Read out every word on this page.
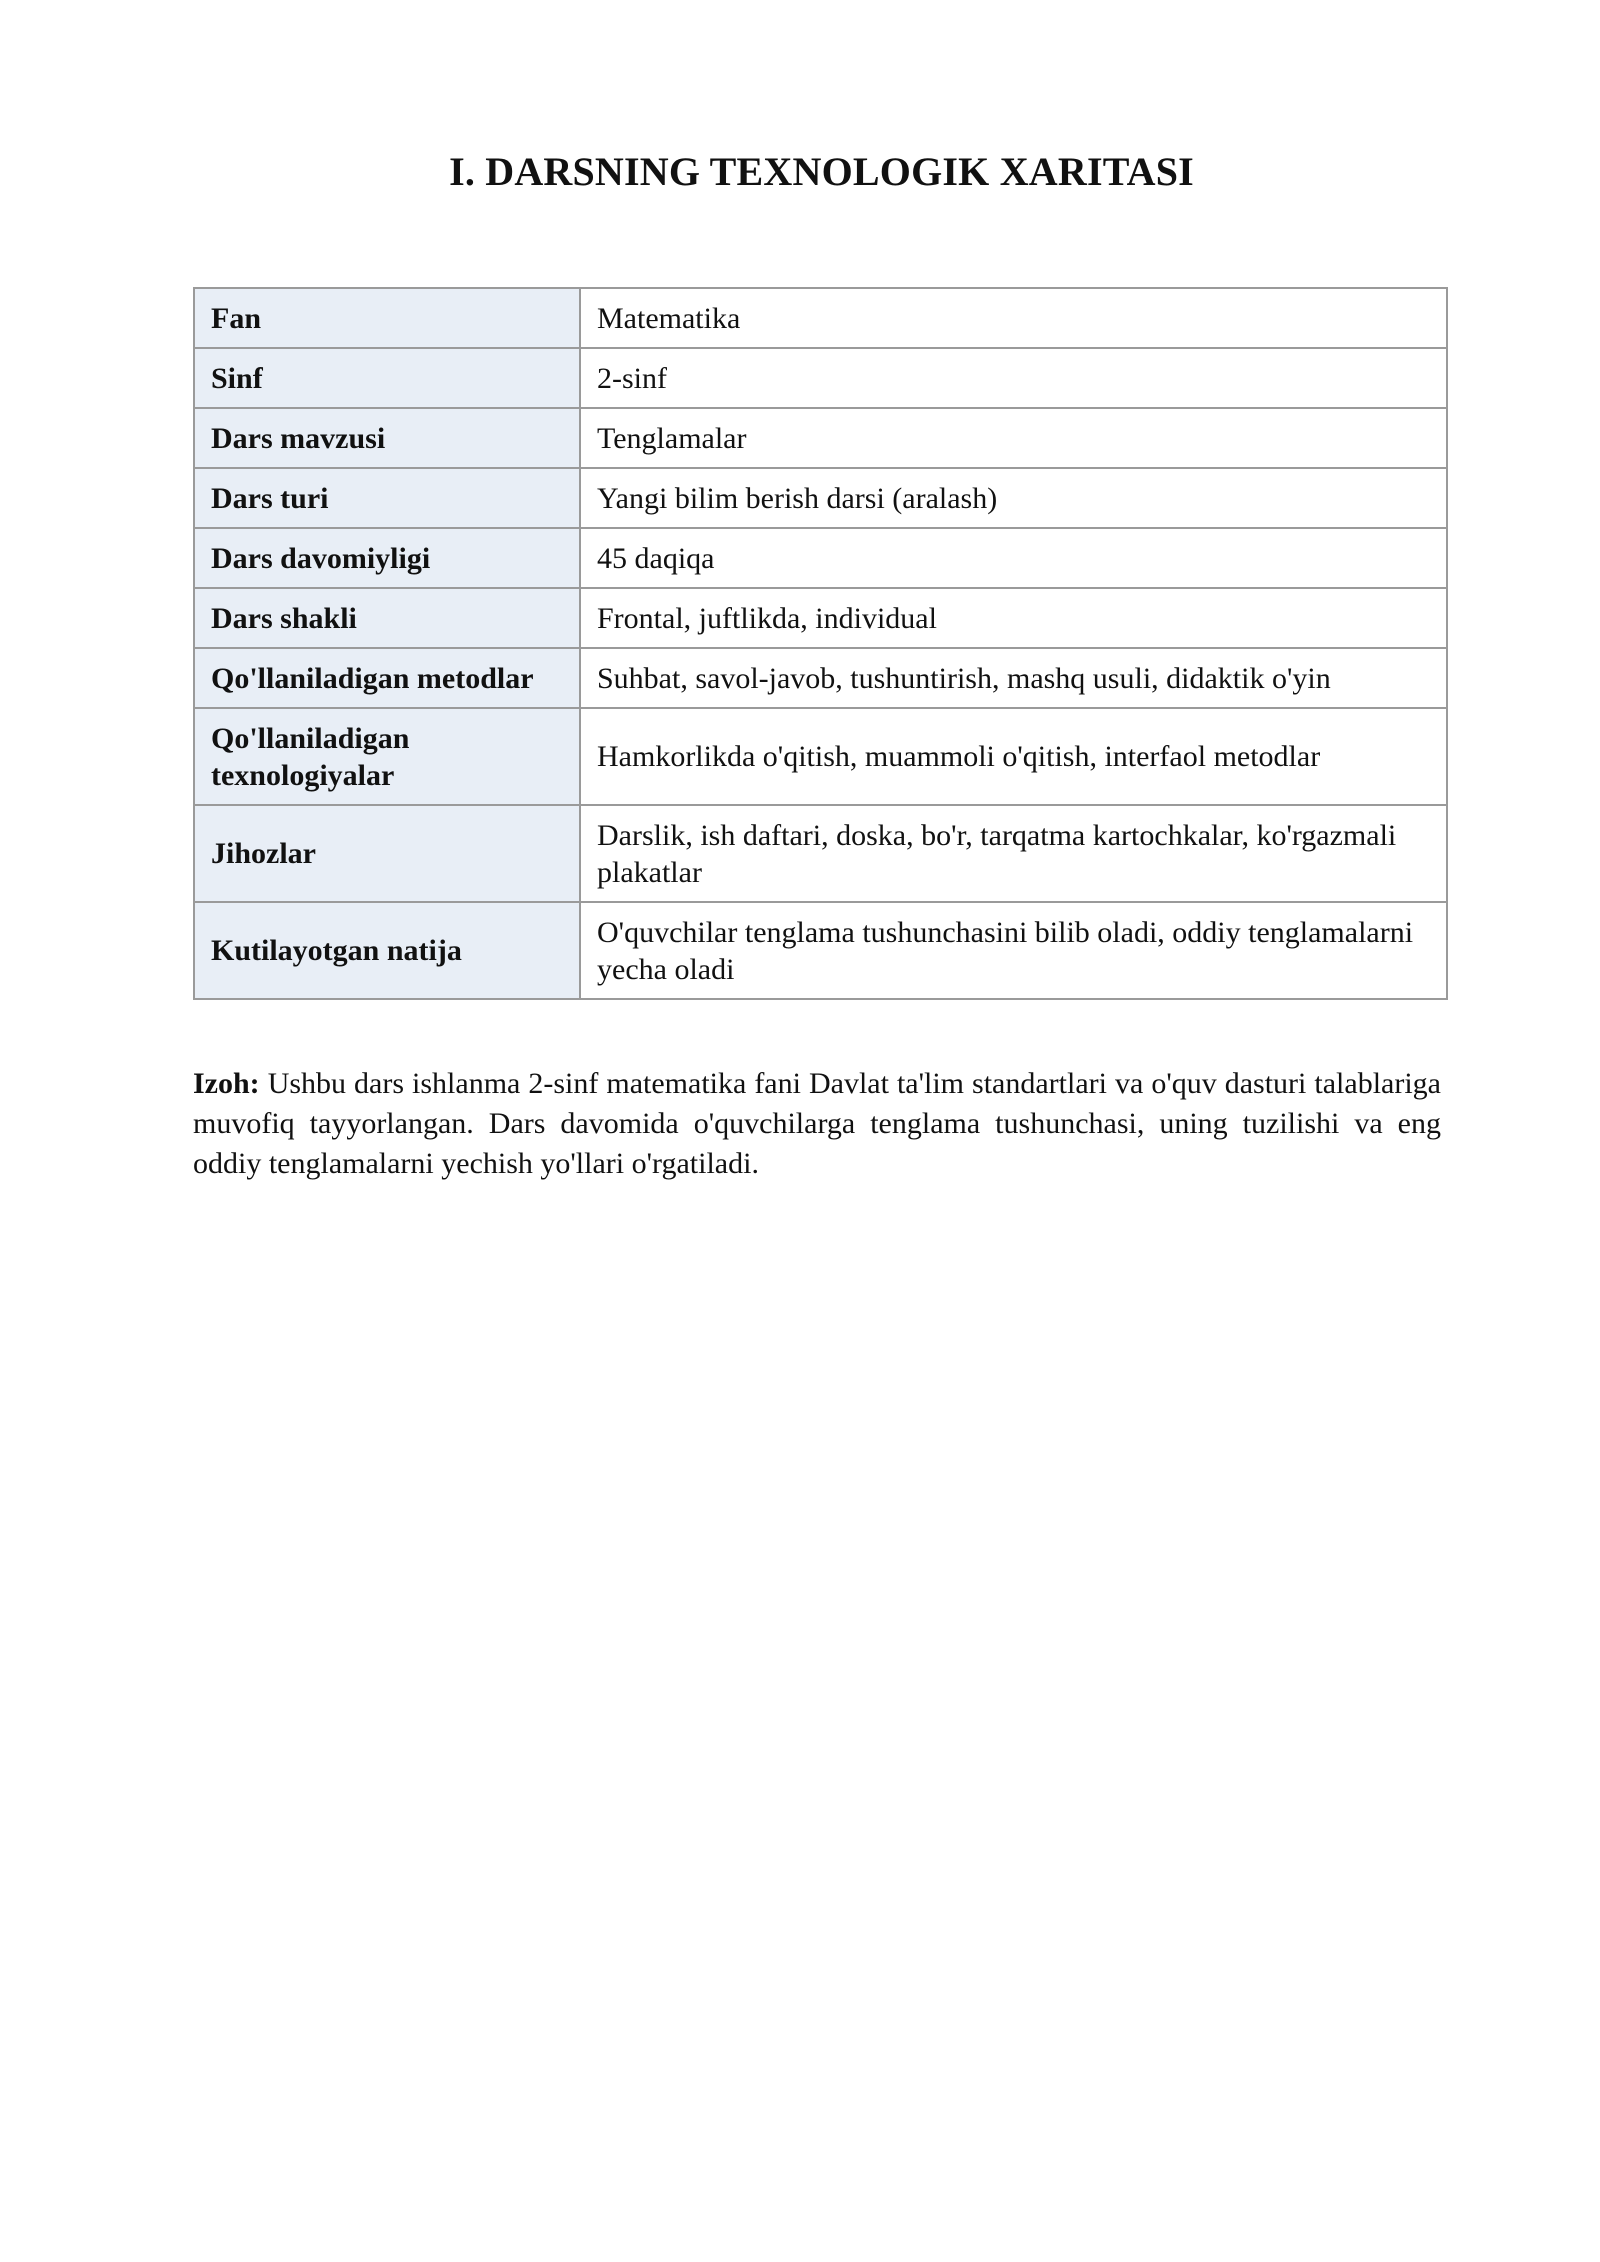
I. DARSNING TEXNOLOGIK XARITASI
Fan	Matematika
Sinf	2-sinf
Dars mavzusi	Tenglamalar
Dars turi	Yangi bilim berish darsi (aralash)
Dars davomiyligi	45 daqiqa
Dars shakli	Frontal, juftlikda, individual
Qo'llaniladigan metodlar	Suhbat, savol-javob, tushuntirish, mashq usuli, didaktik o'yin
Qo'llaniladigan texnologiyalar	Hamkorlikda o'qitish, muammoli o'qitish, interfaol metodlar
Jihozlar	Darslik, ish daftari, doska, bo'r, tarqatma kartochkalar, ko'rgazmali plakatlar
Kutilayotgan natija	O'quvchilar tenglama tushunchasini bilib oladi, oddiy tenglamalarni yecha oladi

Izoh: Ushbu dars ishlanma 2-sinf matematika fani Davlat ta'lim standartlari va o'quv dasturi talablariga muvofiq tayyorlangan. Dars davomida o'quvchilarga tenglama tushunchasi, uning tuzilishi va eng oddiy tenglamalarni yechish yo'llari o'rgatiladi.
